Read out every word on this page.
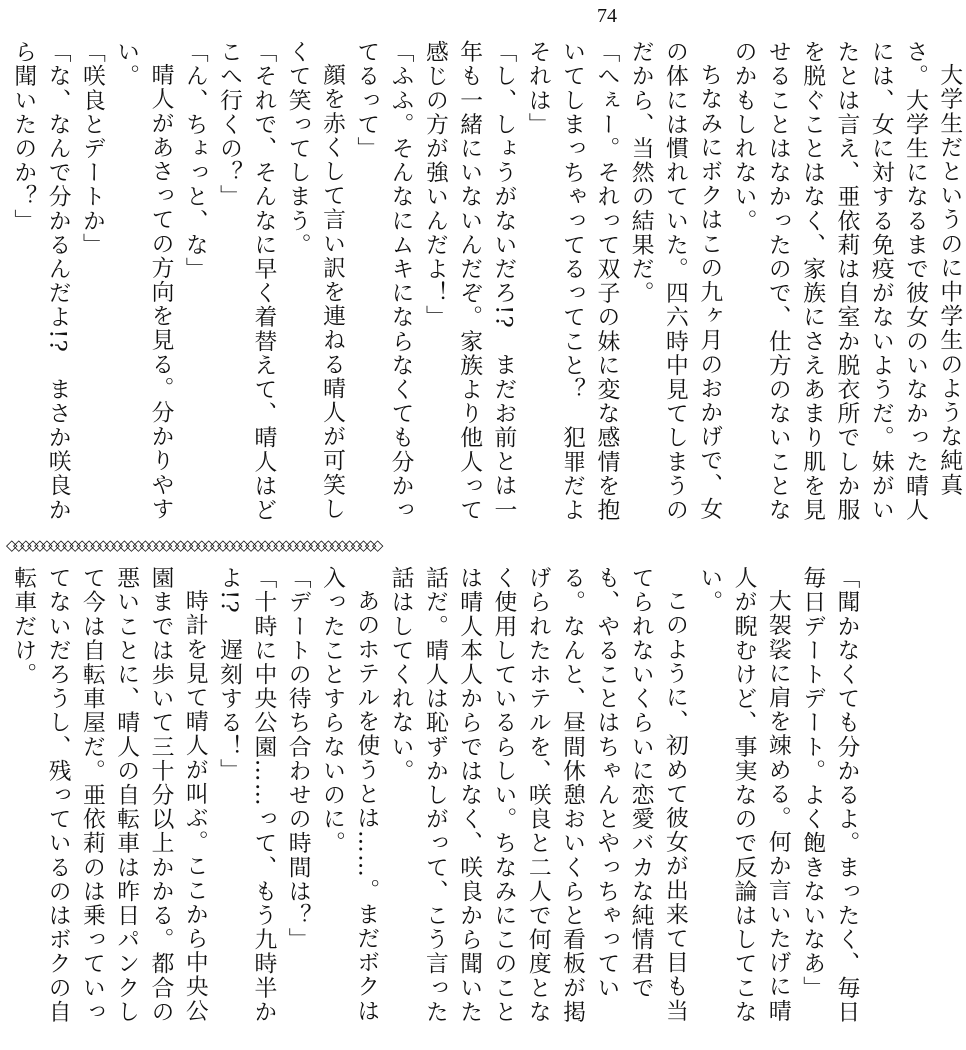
74

大学生だというのに中学生のような純真さ。大学生になるまで彼女のいなかった晴人には、女に対する免疫がないようだ。妹がいたとは言え、亜依莉は自室か脱衣所でしか服を脱ぐことはなく、家族にさえあまり肌を見せることはなかったので、仕方のないことなのかもしれない。

ちなみにボクはこの九ヶ月のおかげで、女の体には慣れていた。四六時中見てしまうのだから、当然の結果だ。

「へぇー。それって双子の妹に変な感情を抱いてしまっちゃってるってこと？　犯罪だよそれは」

「し、しょうがないだろ!?　まだお前とは一年も一緒にいないんだぞ。家族より他人って感じの方が強いんだよ！」

「ふふ。そんなにムキにならなくても分かってるって」

顔を赤くして言い訳を連ねる晴人が可笑しくて笑ってしまう。

「それで、そんなに早く着替えて、晴人はどこへ行くの？」

「ん、ちょっと、な」

晴人があさっての方向を見る。分かりやすい。

「咲良とデートか」

「な、なんで分かるんだよ!?　まさか咲良から聞いたのか？」

◇◇◇◇◇◇◇◇◇◇◇◇◇◇◇◇◇◇◇◇◇◇◇◇◇◇◇◇◇◇◇◇◇◇◇◇◇◇◇◇◇◇◇◇◇◇◇◇◇◇◇◇◇

「聞かなくても分かるよ。まったく、毎日毎日デートデート。よく飽きないなあ」

大袈裟に肩を竦める。何か言いたげに晴人が睨むけど、事実なので反論はしてこない。

このように、初めて彼女が出来て目も当てられないくらいに恋愛バカな純情君でも、やることはちゃんとやっちゃっている。なんと、昼間休憩おいくらと看板が掲げられたホテルを、咲良と二人で何度となく使用しているらしい。ちなみにこのことは晴人本人からではなく、咲良から聞いた話だ。晴人は恥ずかしがって、こう言った話はしてくれない。

あのホテルを使うとは……。まだボクは入ったことすらないのに。

「デートの待ち合わせの時間は？」

「十時に中央公園……って、もう九時半かよ!?　遅刻する！」

時計を見て晴人が叫ぶ。ここから中央公園までは歩いて三十分以上かかる。都合の悪いことに、晴人の自転車は昨日パンクして今は自転車屋だ。亜依莉のは乗っていってないだろうし、残っているのはボクの自転車だけ。
